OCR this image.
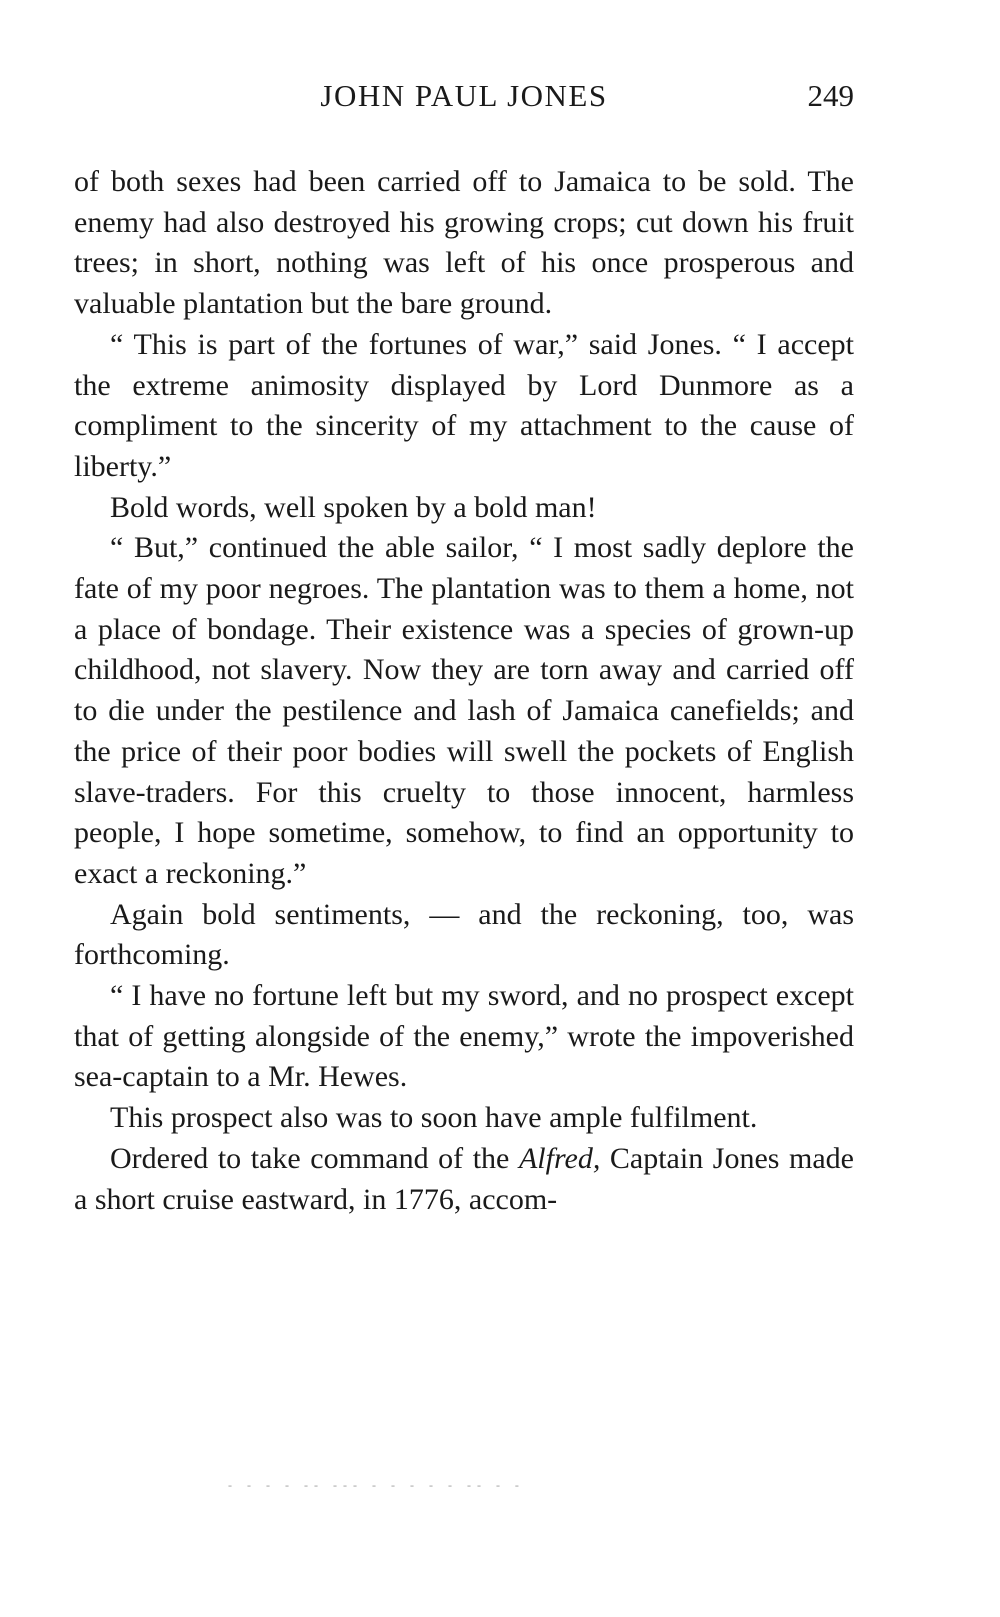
JOHN PAUL JONES	249

of both sexes had been carried off to Jamaica to be sold. The enemy had also destroyed his growing crops; cut down his fruit trees; in short, nothing was left of his once prosperous and valuable plantation but the bare ground.

“ This is part of the fortunes of war,” said Jones. “ I accept the extreme animosity displayed by Lord Dunmore as a compliment to the sincerity of my attachment to the cause of liberty.”

Bold words, well spoken by a bold man!

“ But,” continued the able sailor, “ I most sadly deplore the fate of my poor negroes. The plantation was to them a home, not a place of bondage. Their existence was a species of grown-up childhood, not slavery. Now they are torn away and carried off to die under the pestilence and lash of Jamaica canefields; and the price of their poor bodies will swell the pockets of English slave-traders. For this cruelty to those innocent, harmless people, I hope sometime, somehow, to find an opportunity to exact a reckoning.”

Again bold sentiments, — and the reckoning, too, was forthcoming.

“ I have no fortune left but my sword, and no prospect except that of getting alongside of the enemy,” wrote the impoverished sea-captain to a Mr. Hewes.

This prospect also was to soon have ample fulfilment.

Ordered to take command of the Alfred, Captain Jones made a short cruise eastward, in 1776, accom-

- - - - -- --- - - - - - -- - -
